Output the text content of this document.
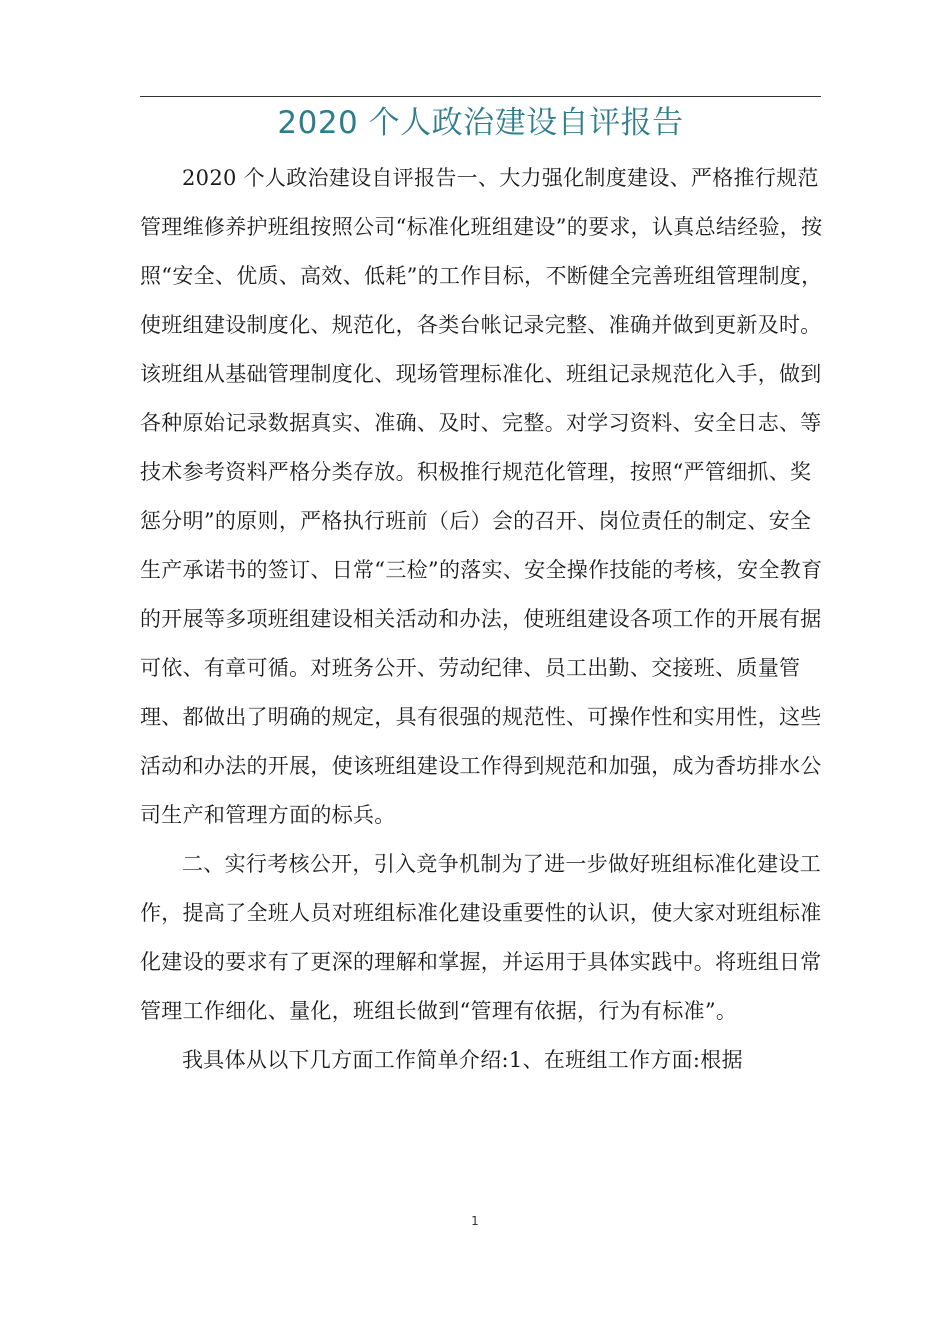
2020 个人政治建设自评报告

2020 个人政治建设自评报告一、大力强化制度建设、严格推行规范管理维修养护班组按照公司“标准化班组建设”的要求，认真总结经验，按照“安全、优质、高效、低耗”的工作目标，不断健全完善班组管理制度，使班组建设制度化、规范化，各类台帐记录完整、准确并做到更新及时。该班组从基础管理制度化、现场管理标准化、班组记录规范化入手，做到各种原始记录数据真实、准确、及时、完整。对学习资料、安全日志、等技术参考资料严格分类存放。积极推行规范化管理，按照“严管细抓、奖惩分明”的原则，严格执行班前（后）会的召开、岗位责任的制定、安全生产承诺书的签订、日常“三检”的落实、安全操作技能的考核，安全教育的开展等多项班组建设相关活动和办法，使班组建设各项工作的开展有据可依、有章可循。对班务公开、劳动纪律、员工出勤、交接班、质量管理、都做出了明确的规定，具有很强的规范性、可操作性和实用性，这些活动和办法的开展，使该班组建设工作得到规范和加强，成为香坊排水公司生产和管理方面的标兵。

二、实行考核公开，引入竞争机制为了进一步做好班组标准化建设工作，提高了全班人员对班组标准化建设重要性的认识，使大家对班组标准化建设的要求有了更深的理解和掌握，并运用于具体实践中。将班组日常管理工作细化、量化，班组长做到“管理有依据，行为有标准”。

我具体从以下几方面工作简单介绍:1、在班组工作方面:根据

1
